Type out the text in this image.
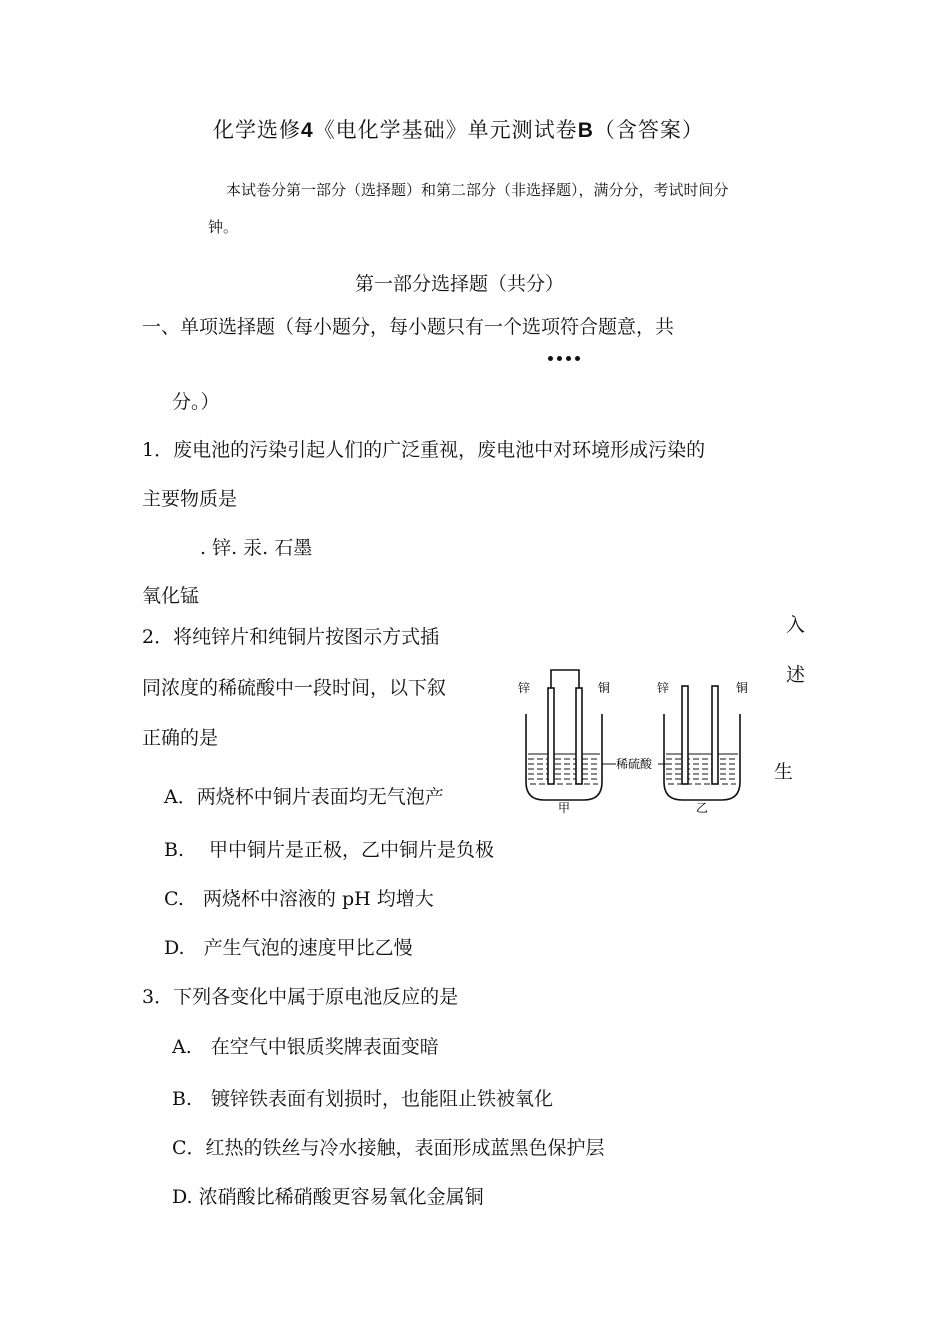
化学选修4《电化学基础》单元测试卷B（含答案）
本试卷分第一部分（选择题）和第二部分（非选择题），满分分，考试时间分
钟。
第一部分选择题（共分）
一、单项选择题（每小题分，每小题只有一个选项符合题意，共
分。）
1．废电池的污染引起人们的广泛重视，废电池中对环境形成污染的
主要物质是
. 锌. 汞. 石墨
氧化锰
2．将纯锌片和纯铜片按图示方式插
同浓度的稀硫酸中一段时间，以下叙
正确的是
入
述
生
锌	铜	锌	铜
稀硫酸
甲	乙
A．两烧杯中铜片表面均无气泡产
B.　 甲中铜片是正极，乙中铜片是负极
C.　两烧杯中溶液的 pH 均增大
D.　产生气泡的速度甲比乙慢
3．下列各变化中属于原电池反应的是
A.　在空气中银质奖牌表面变暗
B.　镀锌铁表面有划损时，也能阻止铁被氧化
C．红热的铁丝与冷水接触，表面形成蓝黑色保护层
D. 浓硝酸比稀硝酸更容易氧化金属铜
